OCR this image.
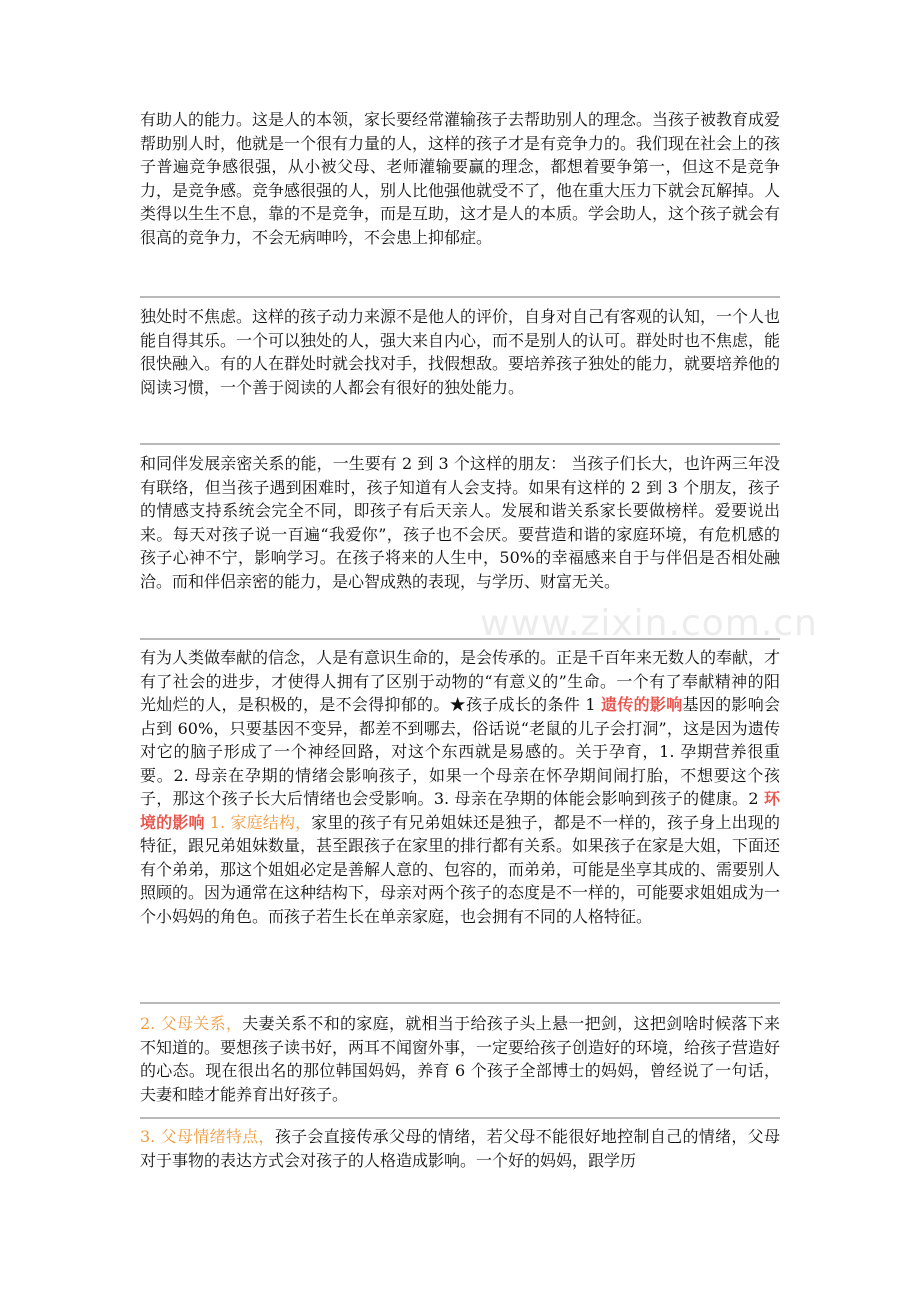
有助人的能力。这是人的本领，家长要经常灌输孩子去帮助别人的理念。当孩子被教育成爱帮助别人时，他就是一个很有力量的人，这样的孩子才是有竞争力的。我们现在社会上的孩子普遍竞争感很强，从小被父母、老师灌输要赢的理念，都想着要争第一，但这不是竞争力，是竞争感。竞争感很强的人，别人比他强他就受不了，他在重大压力下就会瓦解掉。人类得以生生不息，靠的不是竞争，而是互助，这才是人的本质。学会助人，这个孩子就会有很高的竞争力，不会无病呻吟，不会患上抑郁症。

独处时不焦虑。这样的孩子动力来源不是他人的评价，自身对自己有客观的认知，一个人也能自得其乐。一个可以独处的人，强大来自内心，而不是别人的认可。群处时也不焦虑，能很快融入。有的人在群处时就会找对手，找假想敌。要培养孩子独处的能力，就要培养他的阅读习惯，一个善于阅读的人都会有很好的独处能力。

和同伴发展亲密关系的能，一生要有 2 到 3 个这样的朋友： 当孩子们长大，也许两三年没有联络，但当孩子遇到困难时，孩子知道有人会支持。如果有这样的 2 到 3 个朋友，孩子的情感支持系统会完全不同，即孩子有后天亲人。发展和谐关系家长要做榜样。爱要说出来。每天对孩子说一百遍“我爱你”，孩子也不会厌。要营造和谐的家庭环境，有危机感的孩子心神不宁，影响学习。在孩子将来的人生中，50%的幸福感来自于与伴侣是否相处融洽。而和伴侣亲密的能力，是心智成熟的表现，与学历、财富无关。

www.zixin.com.cn

有为人类做奉献的信念，人是有意识生命的，是会传承的。正是千百年来无数人的奉献，才有了社会的进步，才使得人拥有了区别于动物的“有意义的”生命。一个有了奉献精神的阳光灿烂的人，是积极的，是不会得抑郁的。★孩子成长的条件 1 遗传的影响基因的影响会占到 60%，只要基因不变异，都差不到哪去，俗话说“老鼠的儿子会打洞”，这是因为遗传对它的脑子形成了一个神经回路，对这个东西就是易感的。关于孕育，1. 孕期营养很重要。2. 母亲在孕期的情绪会影响孩子，如果一个母亲在怀孕期间闹打胎，不想要这个孩子，那这个孩子长大后情绪也会受影响。3. 母亲在孕期的体能会影响到孩子的健康。2 环境的影响 1. 家庭结构，家里的孩子有兄弟姐妹还是独子，都是不一样的，孩子身上出现的特征，跟兄弟姐妹数量，甚至跟孩子在家里的排行都有关系。如果孩子在家是大姐，下面还有个弟弟，那这个姐姐必定是善解人意的、包容的，而弟弟，可能是坐享其成的、需要别人照顾的。因为通常在这种结构下，母亲对两个孩子的态度是不一样的，可能要求姐姐成为一个小妈妈的角色。而孩子若生长在单亲家庭，也会拥有不同的人格特征。

2. 父母关系，夫妻关系不和的家庭，就相当于给孩子头上悬一把剑，这把剑啥时候落下来不知道的。要想孩子读书好，两耳不闻窗外事，一定要给孩子创造好的环境，给孩子营造好的心态。现在很出名的那位韩国妈妈，养育 6 个孩子全部博士的妈妈，曾经说了一句话，夫妻和睦才能养育出好孩子。

3. 父母情绪特点，孩子会直接传承父母的情绪，若父母不能很好地控制自己的情绪，父母对于事物的表达方式会对孩子的人格造成影响。一个好的妈妈，跟学历
